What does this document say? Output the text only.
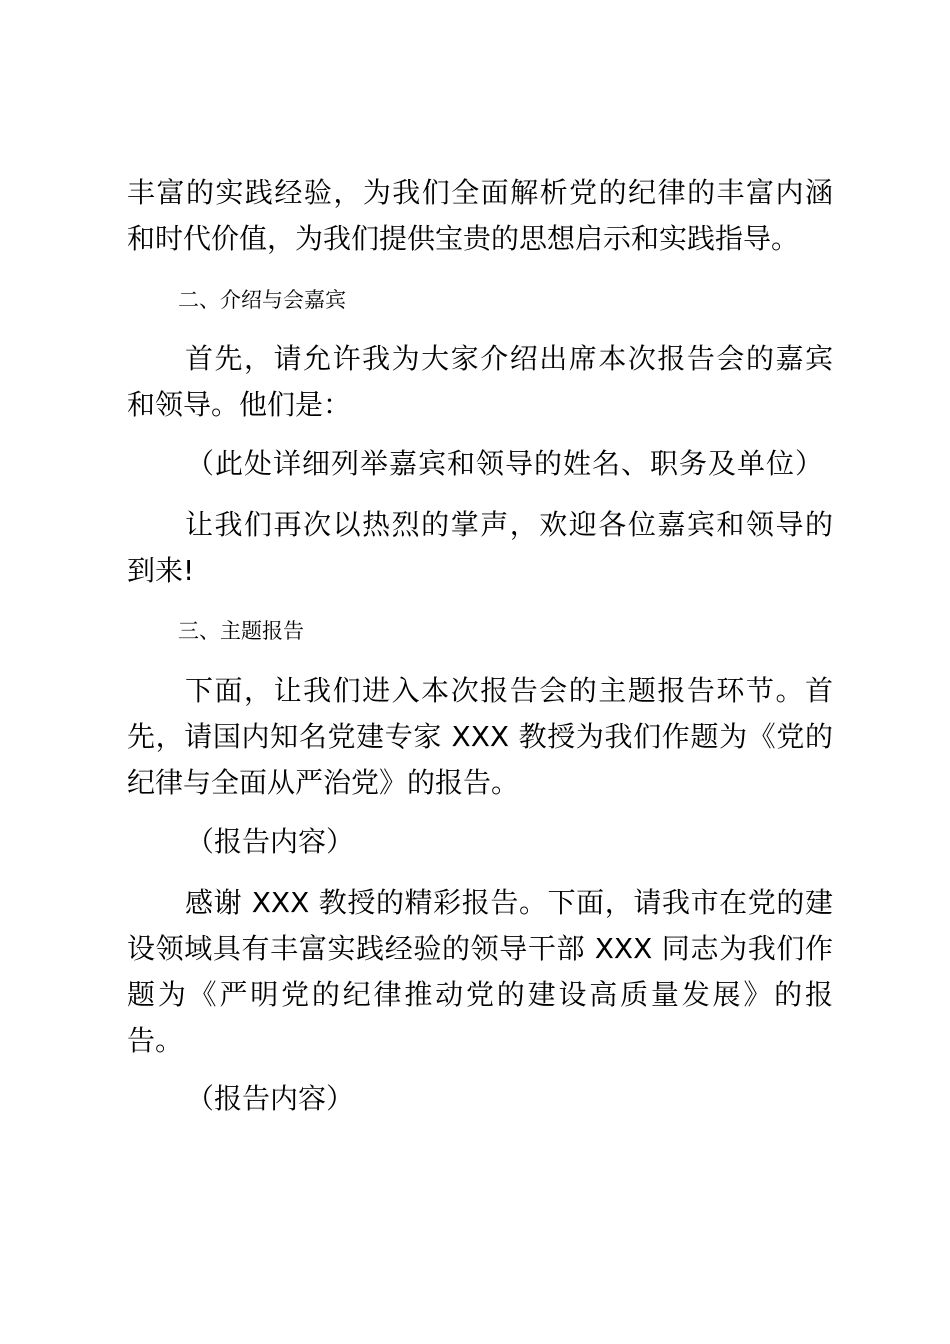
丰富的实践经验，为我们全面解析党的纪律的丰富内涵
和时代价值，为我们提供宝贵的思想启示和实践指导。
二、介绍与会嘉宾
首先，请允许我为大家介绍出席本次报告会的嘉宾
和领导。他们是：
（此处详细列举嘉宾和领导的姓名、职务及单位）
让我们再次以热烈的掌声，欢迎各位嘉宾和领导的
到来!
三、主题报告
下面，让我们进入本次报告会的主题报告环节。首
先，请国内知名党建专家 XXX 教授为我们作题为《党的
纪律与全面从严治党》的报告。
（报告内容）
感谢 XXX 教授的精彩报告。下面，请我市在党的建
设领域具有丰富实践经验的领导干部 XXX 同志为我们作
题为《严明党的纪律推动党的建设高质量发展》的报
告。
（报告内容）
